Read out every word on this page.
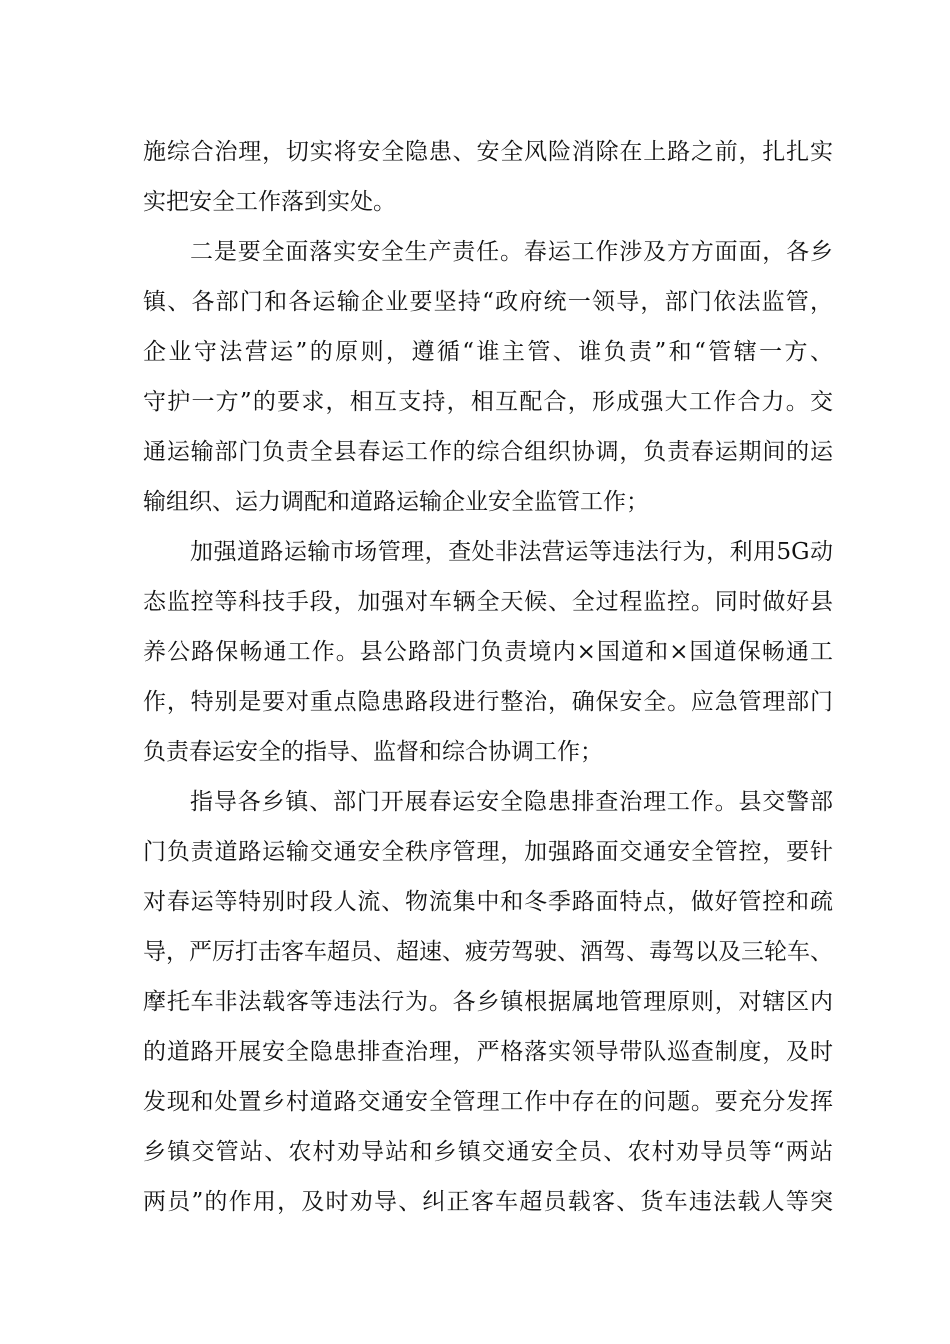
施综合治理，切实将安全隐患、安全风险消除在上路之前，扎扎实
实把安全工作落到实处。
二是要全面落实安全生产责任。春运工作涉及方方面面，各乡
镇、各部门和各运输企业要坚持“政府统一领导，部门依法监管，
企业守法营运”的原则，遵循“谁主管、谁负责”和“管辖一方、
守护一方”的要求，相互支持，相互配合，形成强大工作合力。交
通运输部门负责全县春运工作的综合组织协调，负责春运期间的运
输组织、运力调配和道路运输企业安全监管工作；
加强道路运输市场管理，查处非法营运等违法行为，利用5G动
态监控等科技手段，加强对车辆全天候、全过程监控。同时做好县
养公路保畅通工作。县公路部门负责境内×国道和×国道保畅通工
作，特别是要对重点隐患路段进行整治，确保安全。应急管理部门
负责春运安全的指导、监督和综合协调工作；
指导各乡镇、部门开展春运安全隐患排查治理工作。县交警部
门负责道路运输交通安全秩序管理，加强路面交通安全管控，要针
对春运等特别时段人流、物流集中和冬季路面特点，做好管控和疏
导，严厉打击客车超员、超速、疲劳驾驶、酒驾、毒驾以及三轮车、
摩托车非法载客等违法行为。各乡镇根据属地管理原则，对辖区内
的道路开展安全隐患排查治理，严格落实领导带队巡查制度，及时
发现和处置乡村道路交通安全管理工作中存在的问题。要充分发挥
乡镇交管站、农村劝导站和乡镇交通安全员、农村劝导员等“两站
两员”的作用，及时劝导、纠正客车超员载客、货车违法载人等突
